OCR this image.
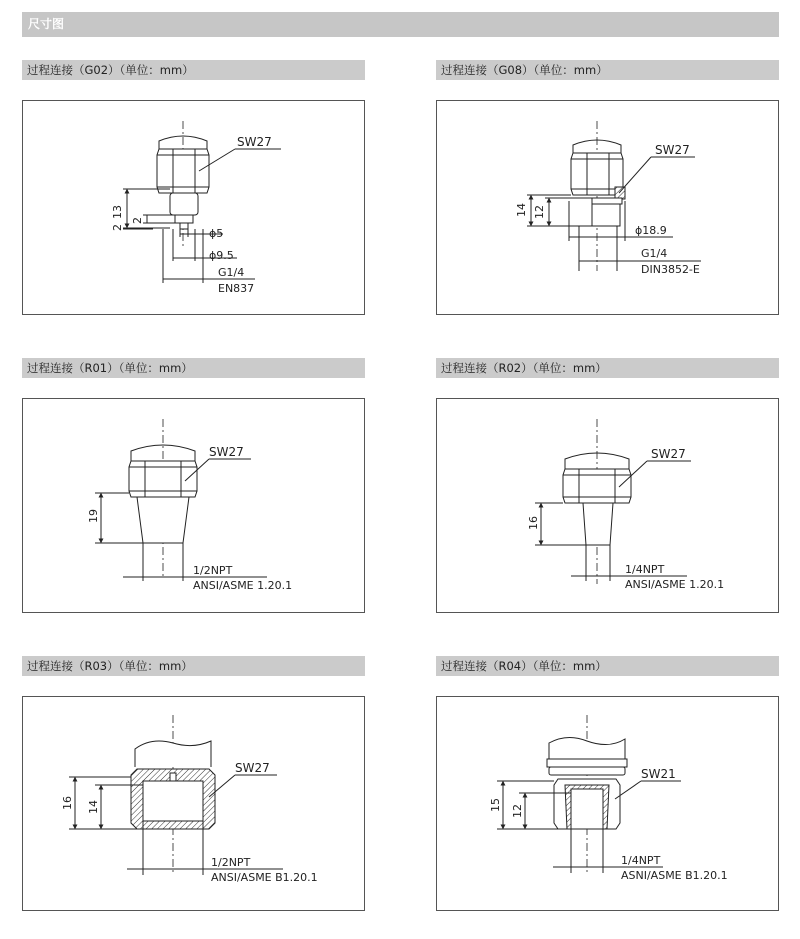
尺寸图
过程连接（G02）（单位：mm）
SW27
13
2
2
ϕ5
ϕ9.5
G1/4
EN837
过程连接（G08）（单位：mm）
SW27
14 12
ϕ18.9
G1/4
DIN3852-E
过程连接（R01）（单位：mm）
SW27
19
1/2NPT
ANSI/ASME 1.20.1
过程连接（R02）（单位：mm）
SW27
16
1/4NPT
ANSI/ASME 1.20.1
过程连接（R03）（单位：mm）
SW27
16 14
1/2NPT
ANSI/ASME B1.20.1
过程连接（R04）（单位：mm）
SW21
15 12
1/4NPT
ASNI/ASME B1.20.1
